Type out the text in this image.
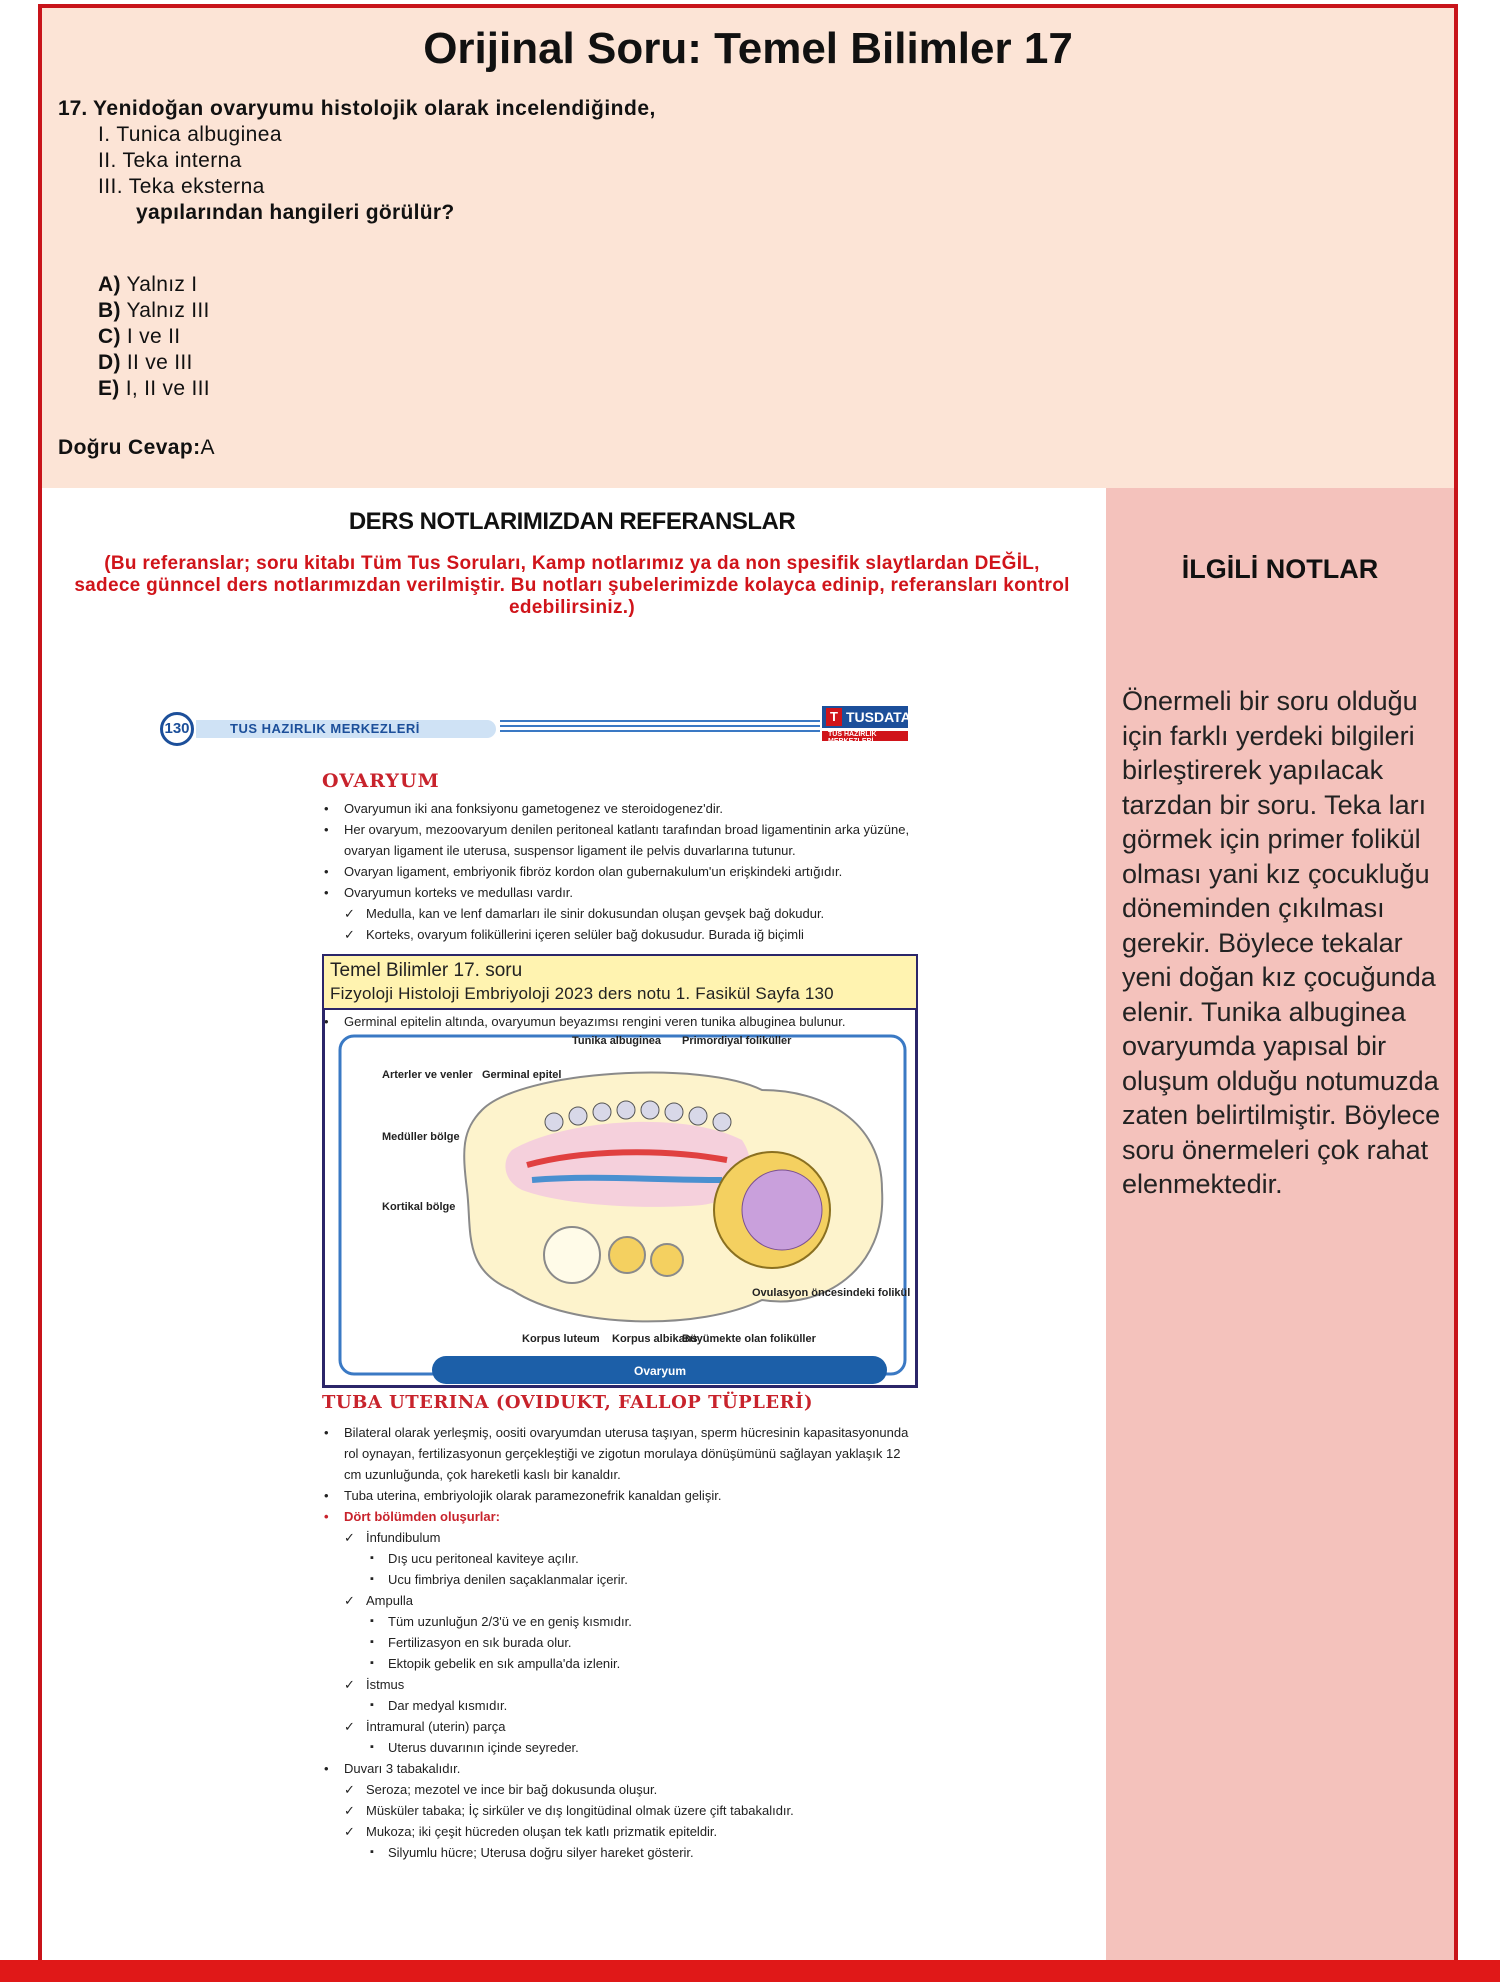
Orijinal Soru: Temel Bilimler 17
17. Yenidoğan ovaryumu histolojik olarak incelendiğinde,
I. Tunica albuginea
II. Teka interna
III. Teka eksterna
yapılarından hangileri görülür?
A) Yalnız I
B) Yalnız III
C) I ve II
D) II ve III
E) I, II ve III
Doğru Cevap:A
DERS NOTLARIMIZDAN REFERANSLAR
(Bu referanslar; soru kitabı Tüm Tus Soruları, Kamp notlarımız ya da non spesifik slaytlardan DEĞİL, sadece günncel ders notlarımızdan verilmiştir. Bu notları şubelerimizde kolayca edinip, referansları kontrol edebilirsiniz.)
İLGİLİ NOTLAR
Önermeli bir soru olduğu için farklı yerdeki bilgileri birleştirerek yapılacak tarzdan bir soru. Teka ları görmek için primer folikül olması yani kız çocukluğu döneminden çıkılması gerekir. Böylece tekalar yeni doğan kız çocuğunda elenir. Tunika albuginea ovaryumda yapısal bir oluşum olduğu notumuzda zaten belirtilmiştir. Böylece soru önermeleri çok rahat elenmektedir.
130	TUS HAZIRLIK MERKEZLERİ
T TUSDATA
TUS HAZIRLIK MERKEZLERİ
OVARYUM
• Ovaryumun iki ana fonksiyonu gametogenez ve steroidogenez'dir.
• Her ovaryum, mezoovaryum denilen peritoneal katlantı tarafından broad ligamentinin arka yüzüne, ovaryan ligament ile uterusa, suspensor ligament ile pelvis duvarlarına tutunur.
• Ovaryan ligament, embriyonik fibröz kordon olan gubernakulum'un erişkindeki artığıdır.
• Ovaryumun korteks ve medullası vardır.
✓ Medulla, kan ve lenf damarları ile sinir dokusundan oluşan gevşek bağ dokudur.
✓ Korteks, ovaryum foliküllerini içeren selüler bağ dokusudur. Burada iğ biçimli
• Germinal epitelin altında, ovaryumun beyazımsı rengini veren tunika albuginea bulunur.
Ovaryum
Arterler ve venler Germinal epitel
Tunika albuginea Primordiyal foliküller
Medüller bölge
Kortikal bölge
Ovulasyon öncesindeki folikül
Korpus luteum Korpus albikans
Büyümekte olan foliküller
Temel Bilimler 17. soru
Fizyoloji Histoloji Embriyoloji 2023 ders notu 1. Fasikül Sayfa 130
TUBA UTERINA (OVIDUKT, FALLOP TÜPLERİ)
• Bilateral olarak yerleşmiş, oositi ovaryumdan uterusa taşıyan, sperm hücresinin kapasitasyonunda rol oynayan, fertilizasyonun gerçekleştiği ve zigotun morulaya dönüşümünü sağlayan yaklaşık 12 cm uzunluğunda, çok hareketli kaslı bir kanaldır.
• Tuba uterina, embriyolojik olarak paramezonefrik kanaldan gelişir.
• Dört bölümden oluşurlar:
✓ İnfundibulum
▪ Dış ucu peritoneal kaviteye açılır.
▪ Ucu fimbriya denilen saçaklanmalar içerir.
✓ Ampulla
▪ Tüm uzunluğun 2/3'ü ve en geniş kısmıdır.
▪ Fertilizasyon en sık burada olur.
▪ Ektopik gebelik en sık ampulla'da izlenir.
✓ İstmus
▪ Dar medyal kısmıdır.
✓ İntramural (uterin) parça
▪ Uterus duvarının içinde seyreder.
• Duvarı 3 tabakalıdır.
✓ Seroza; mezotel ve ince bir bağ dokusunda oluşur.
✓ Müsküler tabaka; İç sirküler ve dış longitüdinal olmak üzere çift tabakalıdır.
✓ Mukoza; iki çeşit hücreden oluşan tek katlı prizmatik epiteldir.
▪ Silyumlu hücre; Uterusa doğru silyer hareket gösterir.
